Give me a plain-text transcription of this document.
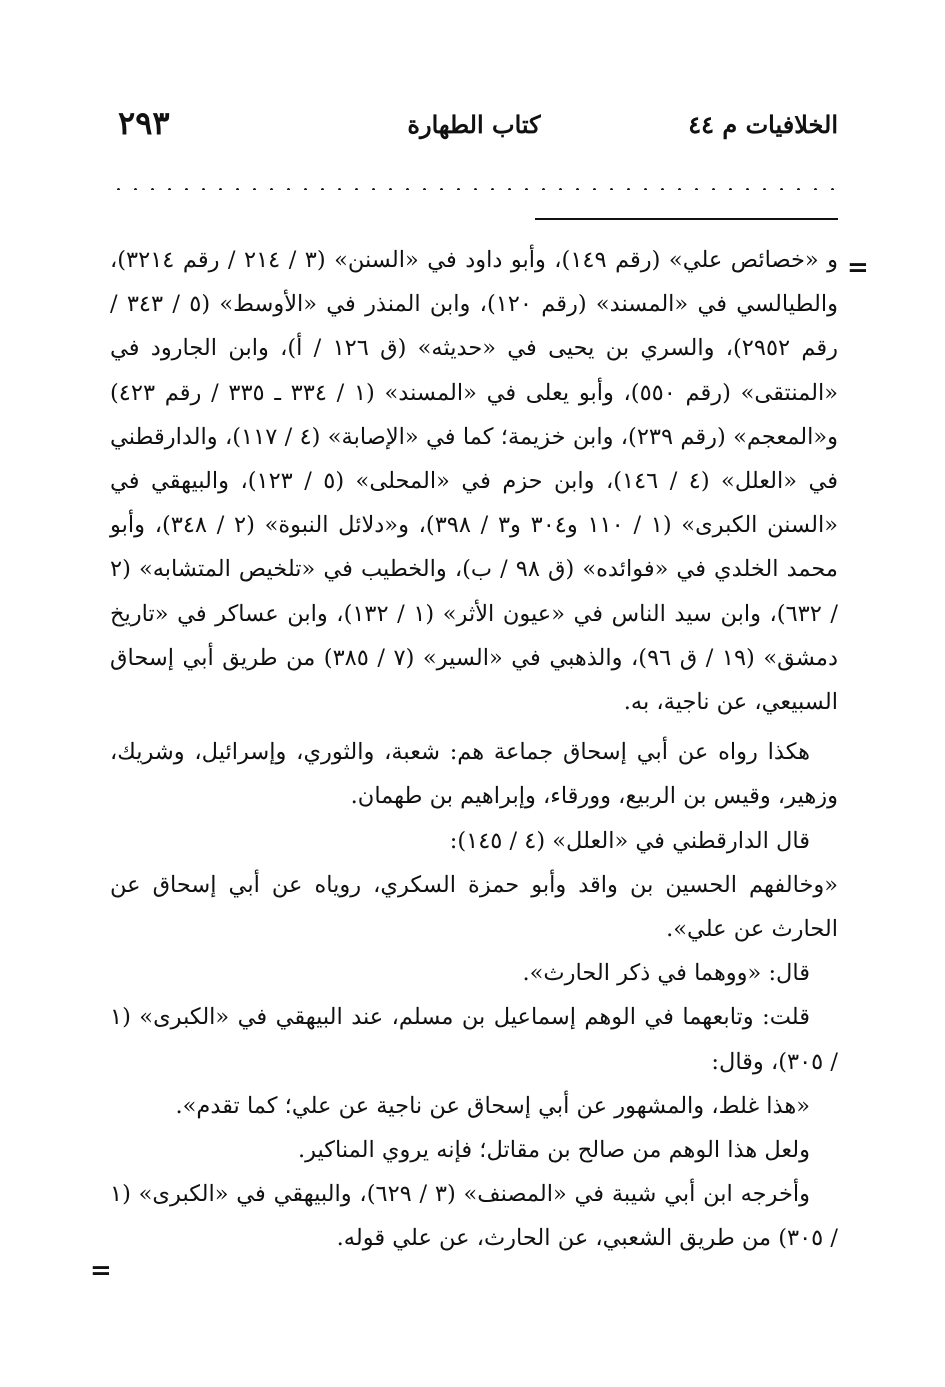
الخلافيات م ٤٤
كتاب الطهارة
٢٩٣
=

و «خصائص علي» (رقم ١٤٩)، وأبو داود في «السنن» (٣ / ٢١٤ / رقم ٣٢١٤)، والطيالسي في «المسند» (رقم ١٢٠)، وابن المنذر في «الأوسط» (٥ / ٣٤٣ / رقم ٢٩٥٢)، والسري بن يحيى في «حديثه» (ق ١٢٦ / أ)، وابن الجارود في «المنتقى» (رقم ٥٥٠)، وأبو يعلى في «المسند» (١ / ٣٣٤ ـ ٣٣٥ / رقم ٤٢٣) و«المعجم» (رقم ٢٣٩)، وابن خزيمة؛ كما في «الإصابة» (٤ / ١١٧)، والدارقطني في «العلل» (٤ / ١٤٦)، وابن حزم في «المحلى» (٥ / ١٢٣)، والبيهقي في «السنن الكبرى» (١ / ١١٠ و٣٠٤ و٣ / ٣٩٨)، و«دلائل النبوة» (٢ / ٣٤٨)، وأبو محمد الخلدي في «فوائده» (ق ٩٨ / ب)، والخطيب في «تلخيص المتشابه» (٢ / ٦٣٢)، وابن سيد الناس في «عيون الأثر» (١ / ١٣٢)، وابن عساكر في «تاريخ دمشق» (١٩ / ق ٩٦)، والذهبي في «السير» (٧ / ٣٨٥) من طريق أبي إسحاق السبيعي، عن ناجية، به.

هكذا رواه عن أبي إسحاق جماعة هم: شعبة، والثوري، وإسرائيل، وشريك، وزهير، وقيس بن الربيع، وورقاء، وإبراهيم بن طهمان.

قال الدارقطني في «العلل» (٤ / ١٤٥):

«وخالفهم الحسين بن واقد وأبو حمزة السكري، روياه عن أبي إسحاق عن الحارث عن علي».

قال: «ووهما في ذكر الحارث».

قلت: وتابعهما في الوهم إسماعيل بن مسلم، عند البيهقي في «الكبرى» (١ / ٣٠٥)، وقال:

«هذا غلط، والمشهور عن أبي إسحاق عن ناجية عن علي؛ كما تقدم».

ولعل هذا الوهم من صالح بن مقاتل؛ فإنه يروي المناكير.

وأخرجه ابن أبي شيبة في «المصنف» (٣ / ٦٢٩)، والبيهقي في «الكبرى» (١ / ٣٠٥) من طريق الشعبي، عن الحارث، عن علي قوله.

=
